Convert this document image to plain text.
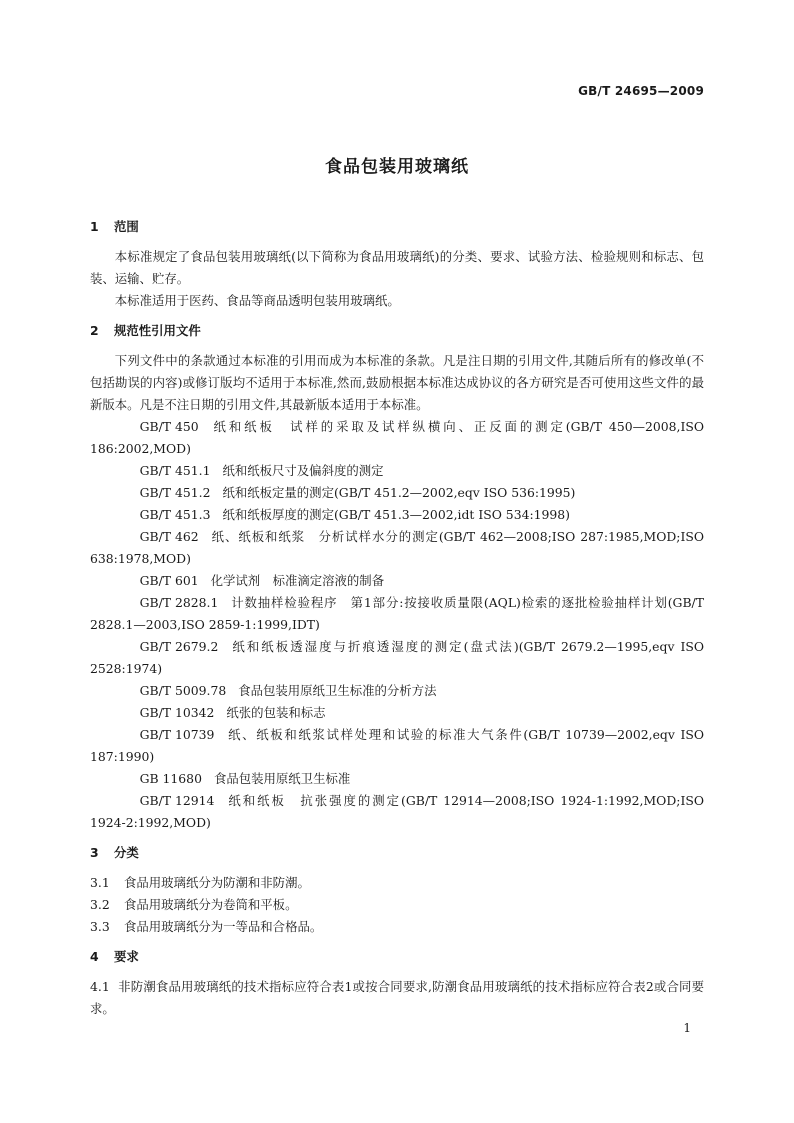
GB/T 24695—2009
食品包装用玻璃纸
1 范围

本标准规定了食品包装用玻璃纸(以下简称为食品用玻璃纸)的分类、要求、试验方法、检验规则和标志、包装、运输、贮存。

本标准适用于医药、食品等商品透明包装用玻璃纸。

2 规范性引用文件

下列文件中的条款通过本标准的引用而成为本标准的条款。凡是注日期的引用文件,其随后所有的修改单(不包括勘误的内容)或修订版均不适用于本标准,然而,鼓励根据本标准达成协议的各方研究是否可使用这些文件的最新版本。凡是不注日期的引用文件,其最新版本适用于本标准。

GB/T 450 纸和纸板　试样的采取及试样纵横向、正反面的测定(GB/T 450—2008,ISO 186:2002,MOD)

GB/T 451.1 纸和纸板尺寸及偏斜度的测定

GB/T 451.2 纸和纸板定量的测定(GB/T 451.2—2002,eqv ISO 536:1995)

GB/T 451.3 纸和纸板厚度的测定(GB/T 451.3—2002,idt ISO 534:1998)

GB/T 462 纸、纸板和纸浆　分析试样水分的测定(GB/T 462—2008;ISO 287:1985,MOD;ISO 638:1978,MOD)

GB/T 601 化学试剂　标准滴定溶液的制备

GB/T 2828.1 计数抽样检验程序　第1部分:按接收质量限(AQL)检索的逐批检验抽样计划(GB/T 2828.1—2003,ISO 2859-1:1999,IDT)

GB/T 2679.2 纸和纸板透湿度与折痕透湿度的测定(盘式法)(GB/T 2679.2—1995,eqv ISO 2528:1974)

GB/T 5009.78 食品包装用原纸卫生标准的分析方法

GB/T 10342 纸张的包装和标志

GB/T 10739 纸、纸板和纸浆试样处理和试验的标准大气条件(GB/T 10739—2002,eqv ISO 187:1990)

GB 11680 食品包装用原纸卫生标准

GB/T 12914 纸和纸板　抗张强度的测定(GB/T 12914—2008;ISO 1924-1:1992,MOD;ISO 1924-2:1992,MOD)

3 分类

3.1 食品用玻璃纸分为防潮和非防潮。

3.2 食品用玻璃纸分为卷筒和平板。

3.3 食品用玻璃纸分为一等品和合格品。

4 要求

4.1 非防潮食品用玻璃纸的技术指标应符合表1或按合同要求,防潮食品用玻璃纸的技术指标应符合表2或合同要求。

1
